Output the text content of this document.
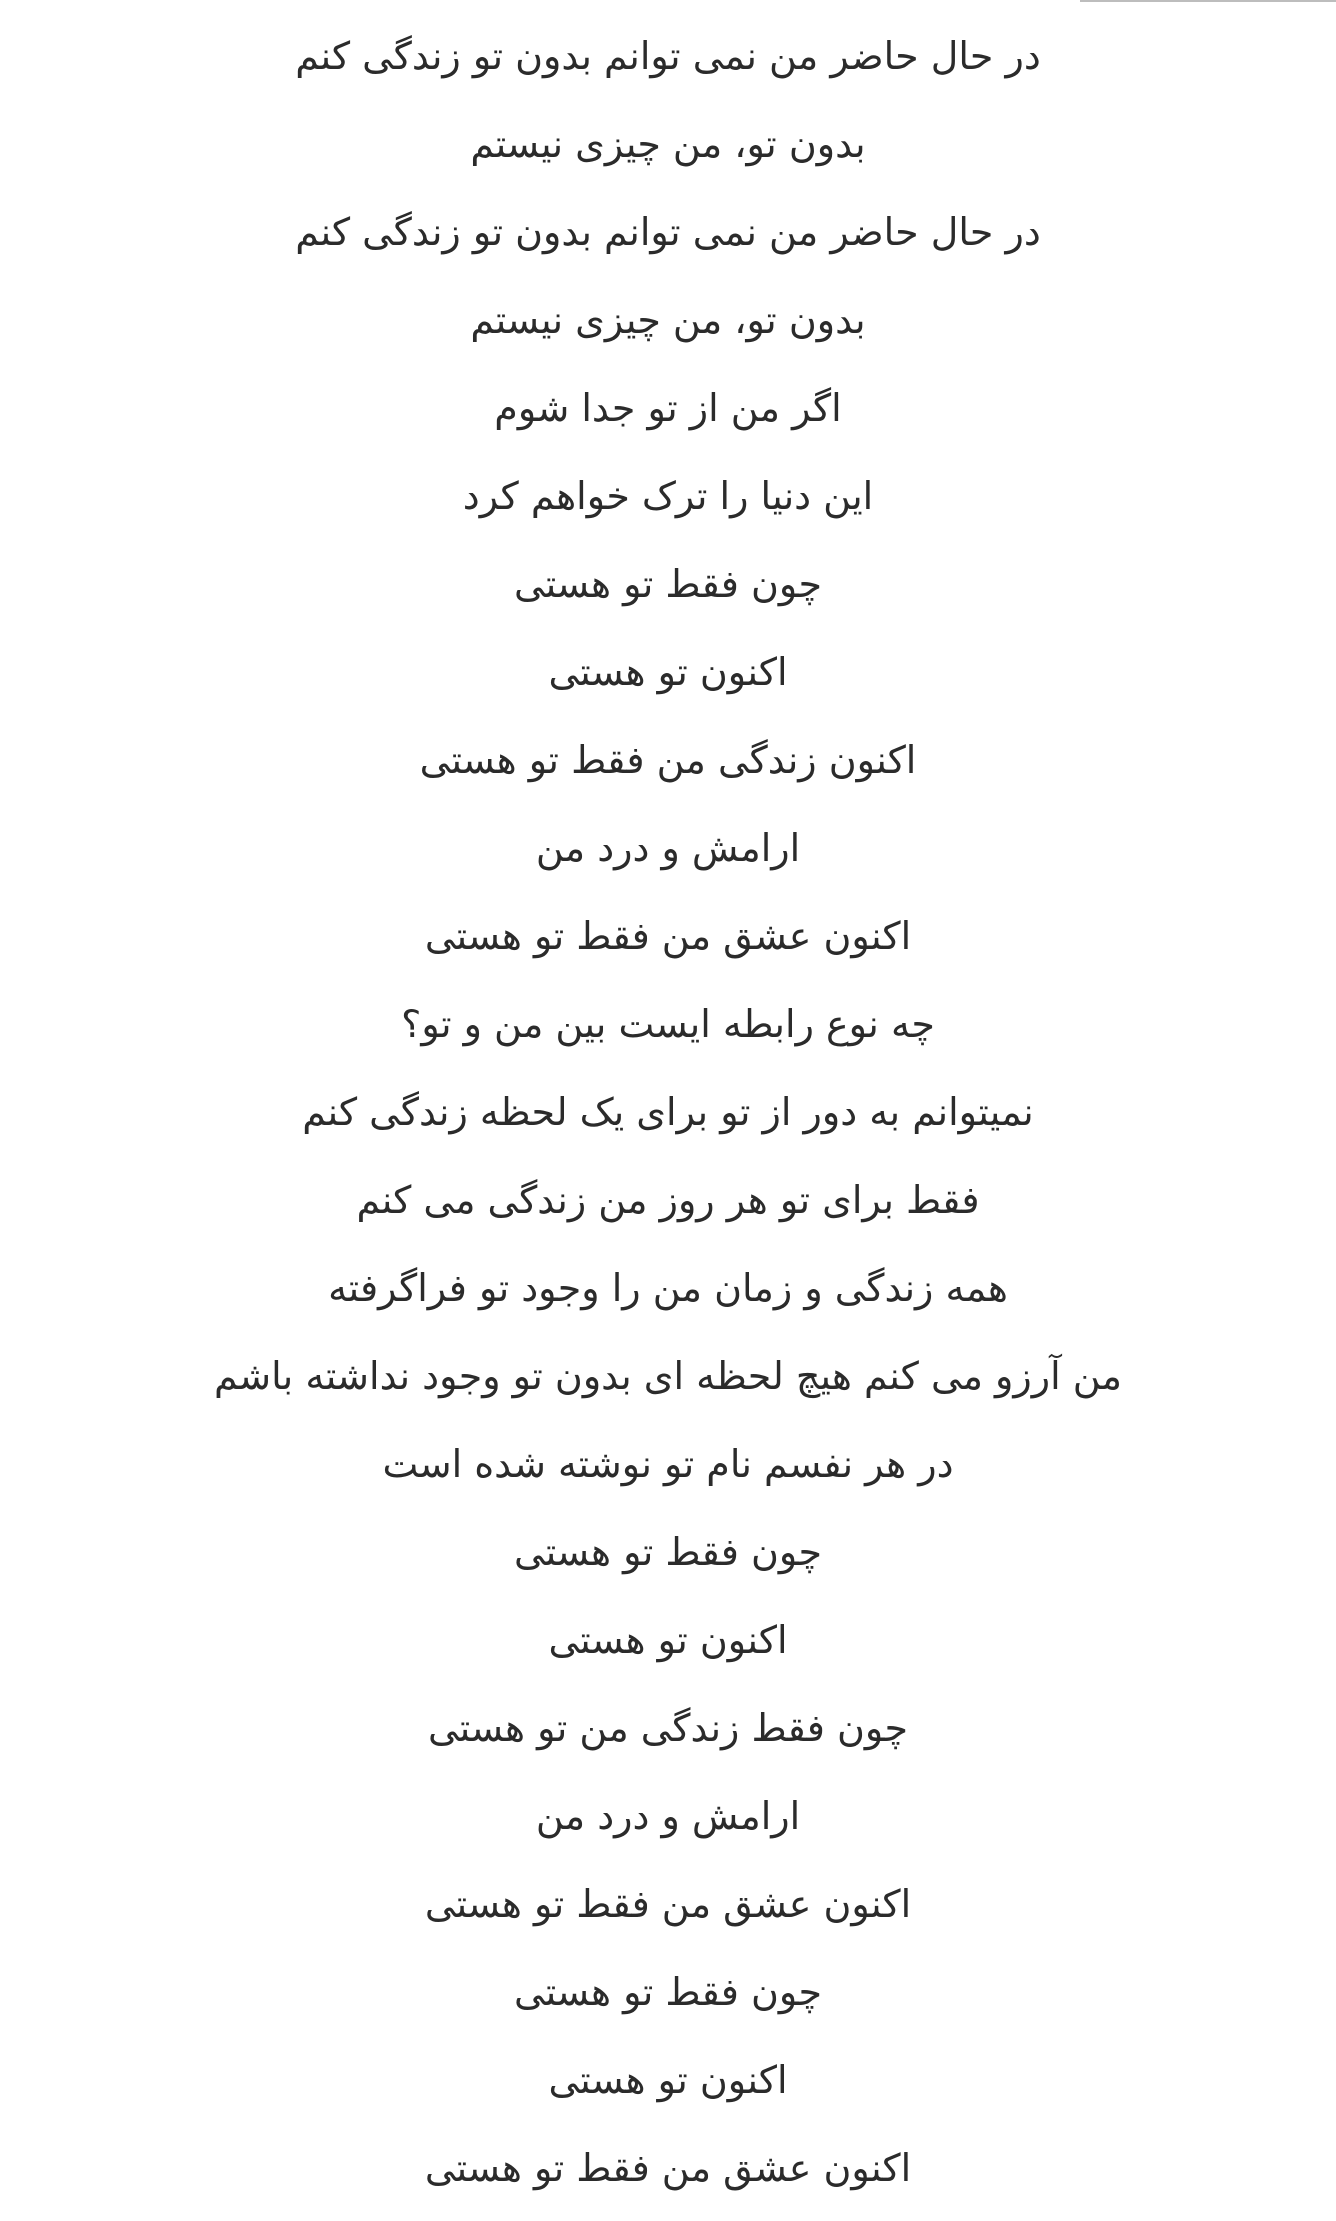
در حال حاضر من نمی توانم بدون تو زندگی کنم
بدون تو، من چیزی نیستم
در حال حاضر من نمی توانم بدون تو زندگی کنم
بدون تو، من چیزی نیستم
اگر من از تو جدا شوم
این دنیا را ترک خواهم کرد
چون فقط تو هستی
اکنون تو هستی
اکنون زندگی من فقط تو هستی
ارامش و درد من
اکنون عشق من فقط تو هستی
چه نوع رابطه ایست بین من و تو؟
نمیتوانم به دور از تو برای یک لحظه زندگی کنم
فقط برای تو هر روز من زندگی می کنم
همه زندگی و زمان من را وجود تو فراگرفته
من آرزو می کنم هیچ لحظه ای بدون تو وجود نداشته باشم
در هر نفسم نام تو نوشته شده است
چون فقط تو هستی
اکنون تو هستی
چون فقط زندگی من تو هستی
ارامش و درد من
اکنون عشق من فقط تو هستی
چون فقط تو هستی
اکنون تو هستی
اکنون عشق من فقط تو هستی
